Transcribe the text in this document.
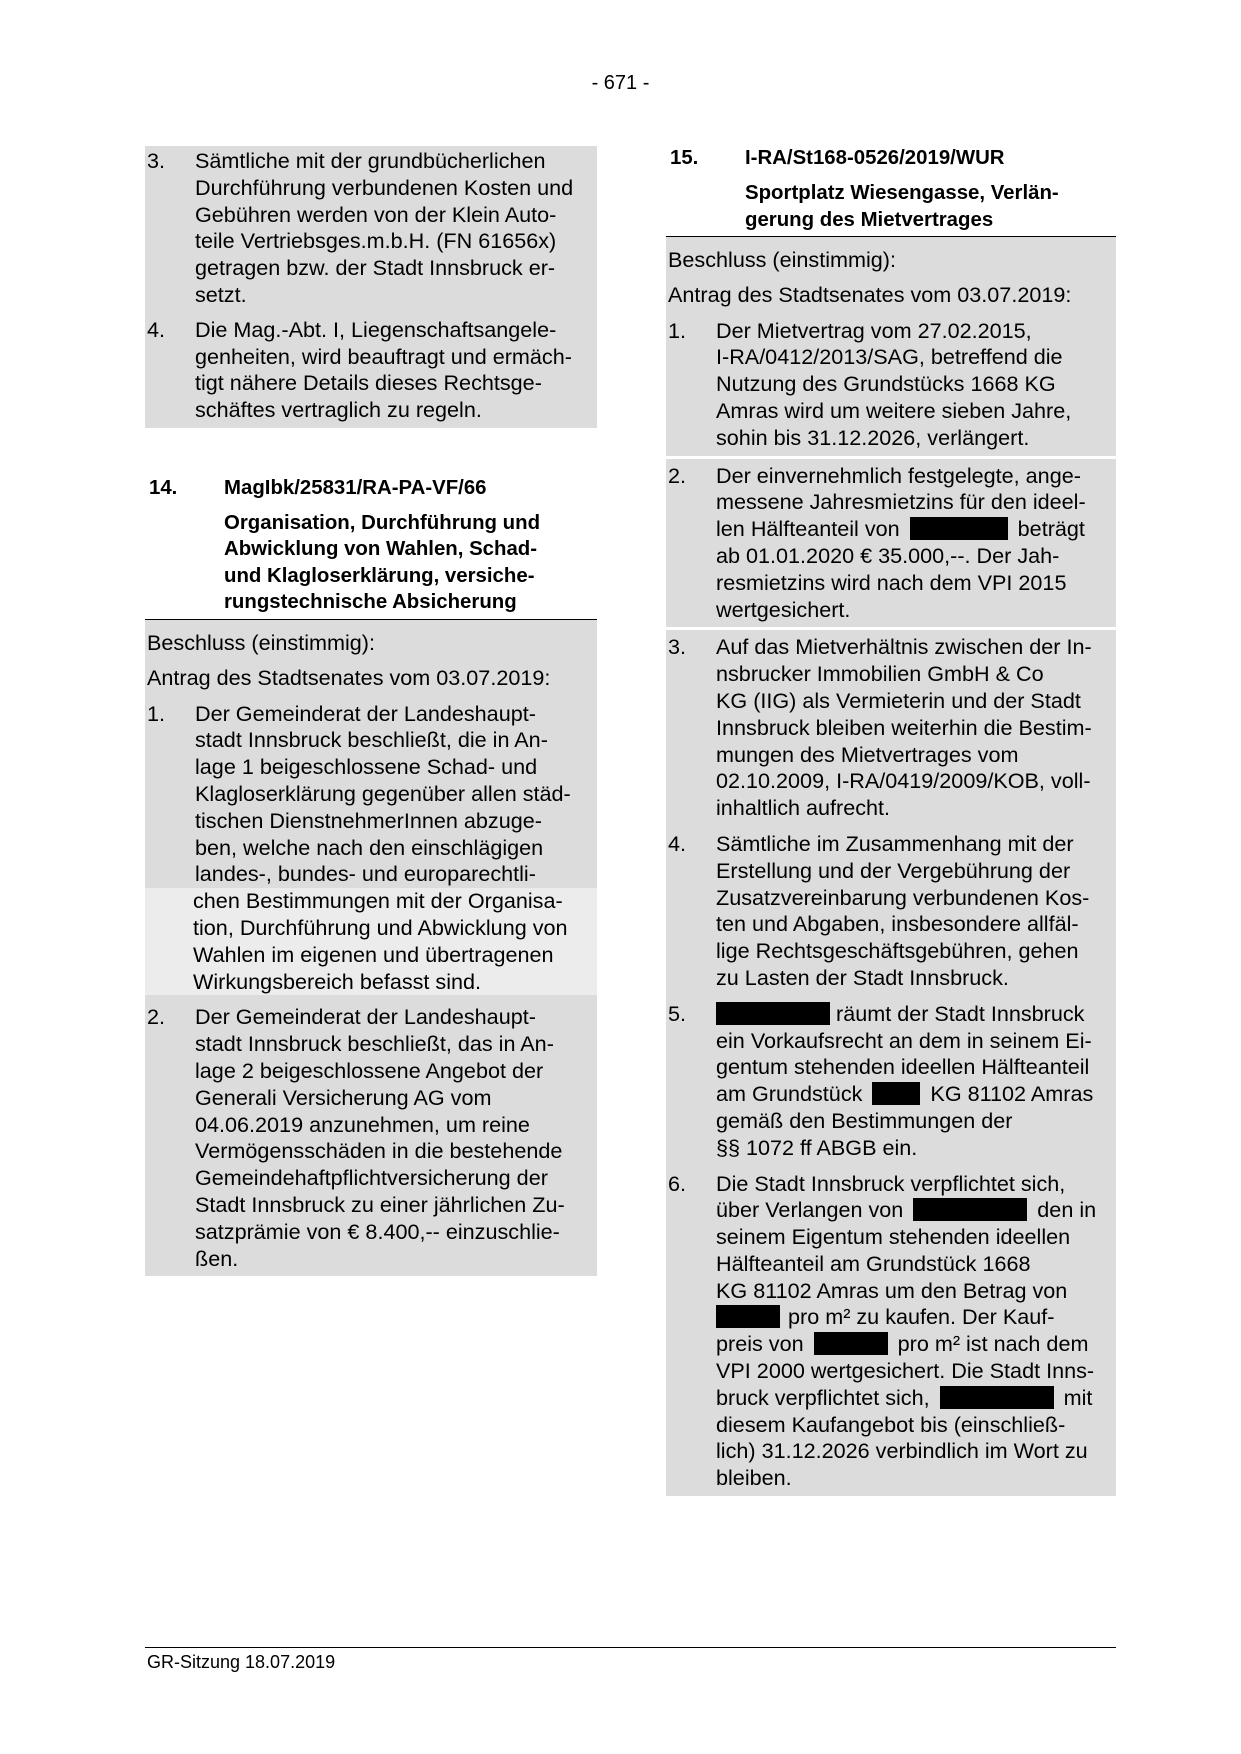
- 671 -
3.	Sämtliche mit der grundbücherlichen
Durchführung verbundenen Kosten und
Gebühren werden von der Klein Auto-
teile Vertriebsges.m.b.H. (FN 61656x)
getragen bzw. der Stadt Innsbruck er-
setzt.
4.	Die Mag.-Abt. I, Liegenschaftsangele-
genheiten, wird beauftragt und ermäch-
tigt nähere Details dieses Rechtsge-
schäftes vertraglich zu regeln.
14.	MagIbk/25831/RA-PA-VF/66
Organisation, Durchführung und
Abwicklung von Wahlen, Schad-
und Klagloserklärung, versiche-
rungstechnische Absicherung
Beschluss (einstimmig):
Antrag des Stadtsenates vom 03.07.2019:
1.	Der Gemeinderat der Landeshaupt-
stadt Innsbruck beschließt, die in An-
lage 1 beigeschlossene Schad- und
Klagloserklärung gegenüber allen städ-
tischen DienstnehmerInnen abzuge-
ben, welche nach den einschlägigen
landes-, bundes- und europarechtli-
chen Bestimmungen mit der Organisa-
tion, Durchführung und Abwicklung von
Wahlen im eigenen und übertragenen
Wirkungsbereich befasst sind.
2.	Der Gemeinderat der Landeshaupt-
stadt Innsbruck beschließt, das in An-
lage 2 beigeschlossene Angebot der
Generali Versicherung AG vom
04.06.2019 anzunehmen, um reine
Vermögensschäden in die bestehende
Gemeindehaftpflichtversicherung der
Stadt Innsbruck zu einer jährlichen Zu-
satzprämie von € 8.400,-- einzuschlie-
ßen.
15.	I-RA/St168-0526/2019/WUR
Sportplatz Wiesengasse, Verlän-
gerung des Mietvertrages
Beschluss (einstimmig):
Antrag des Stadtsenates vom 03.07.2019:
1.	Der Mietvertrag vom 27.02.2015,
I-RA/0412/2013/SAG, betreffend die
Nutzung des Grundstücks 1668 KG
Amras wird um weitere sieben Jahre,
sohin bis 31.12.2026, verlängert.
2.	Der einvernehmlich festgelegte, ange-
messene Jahresmietzins für den ideel-
len Hälfteanteil von	beträgt
ab 01.01.2020 € 35.000,--. Der Jah-
resmietzins wird nach dem VPI 2015
wertgesichert.
3.	Auf das Mietverhältnis zwischen der In-
nsbrucker Immobilien GmbH & Co
KG (IIG) als Vermieterin und der Stadt
Innsbruck bleiben weiterhin die Bestim-
mungen des Mietvertrages vom
02.10.2009, I-RA/0419/2009/KOB, voll-
inhaltlich aufrecht.
4.	Sämtliche im Zusammenhang mit der
Erstellung und der Vergebührung der
Zusatzvereinbarung verbundenen Kos-
ten und Abgaben, insbesondere allfäl-
lige Rechtsgeschäftsgebühren, gehen
zu Lasten der Stadt Innsbruck.
5.	räumt der Stadt Innsbruck
ein Vorkaufsrecht an dem in seinem Ei-
gentum stehenden ideellen Hälfteanteil
am Grundstück	KG 81102 Amras
gemäß den Bestimmungen der
§§ 1072 ff ABGB ein.
6.	Die Stadt Innsbruck verpflichtet sich,
über Verlangen von	den in
seinem Eigentum stehenden ideellen
Hälfteanteil am Grundstück 1668
KG 81102 Amras um den Betrag von
pro m² zu kaufen. Der Kauf-
preis von	pro m² ist nach dem
VPI 2000 wertgesichert. Die Stadt Inns-
bruck verpflichtet sich,	mit
diesem Kaufangebot bis (einschließ-
lich) 31.12.2026 verbindlich im Wort zu
bleiben.
GR-Sitzung 18.07.2019
